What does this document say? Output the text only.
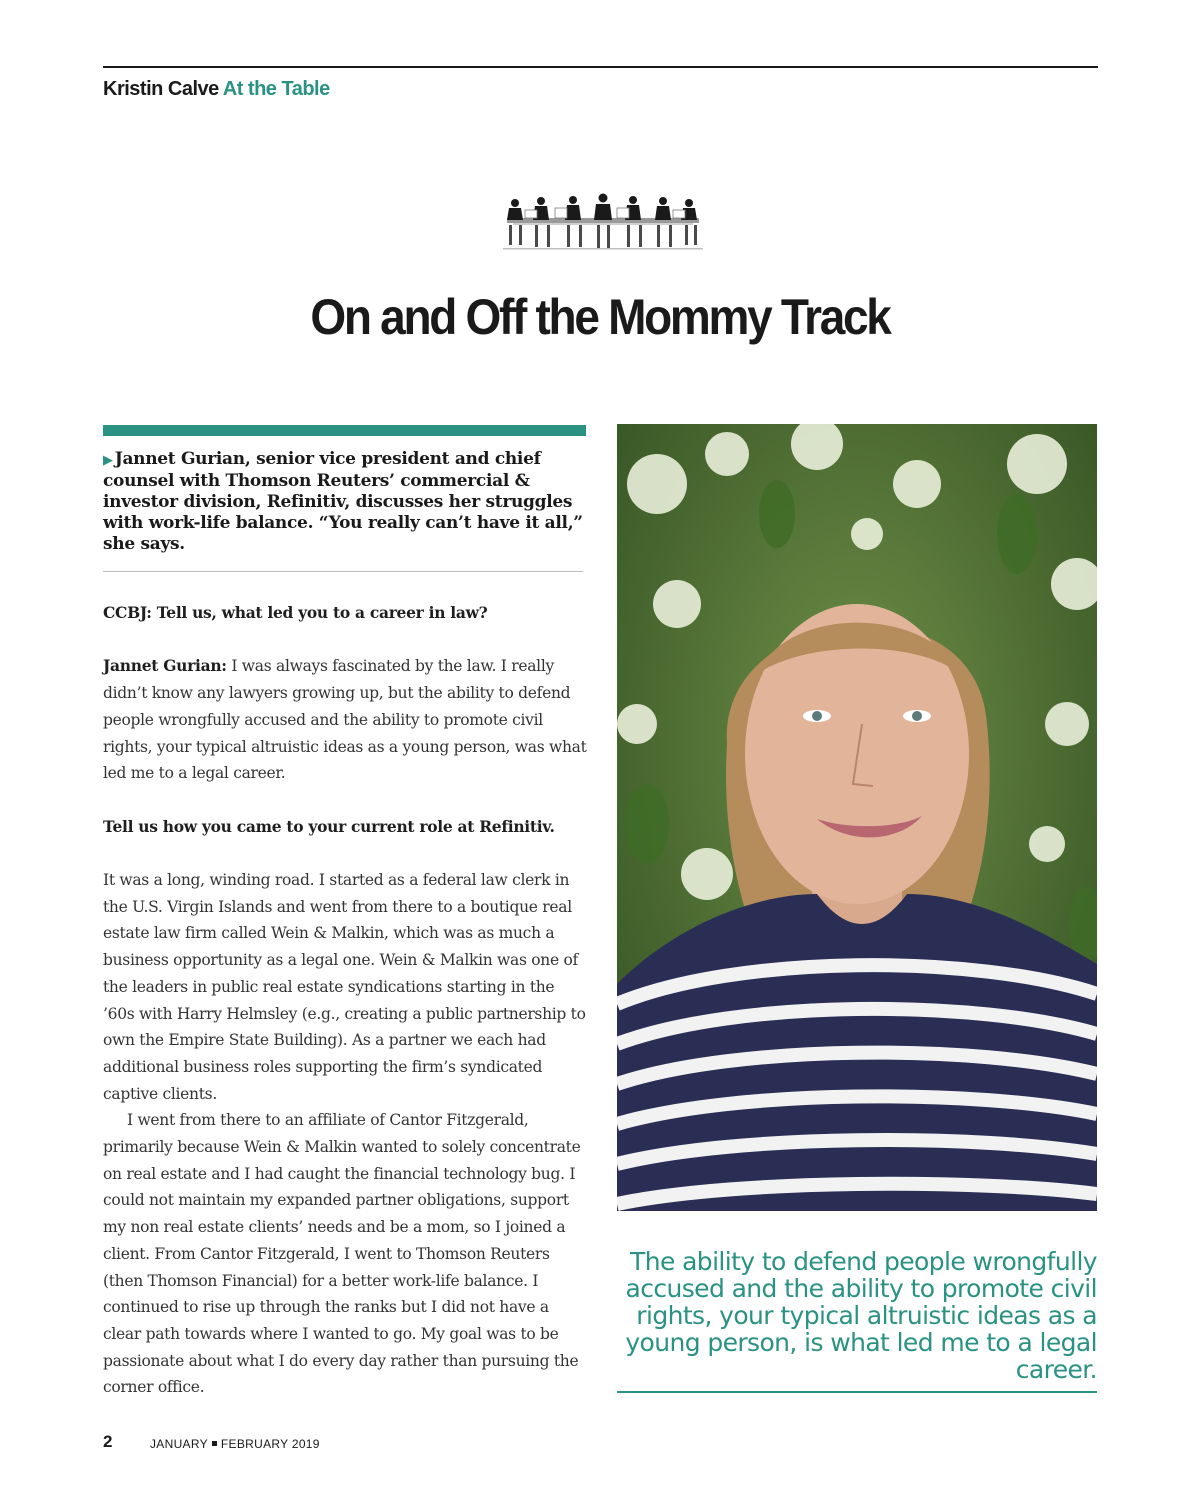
Kristin Calve At the Table
On and Off the Mommy Track
▶ Jannet Gurian, senior vice president and chief counsel with Thomson Reuters’ commercial & investor division, Refinitiv, discusses her struggles with work-life balance. “You really can’t have it all,” she says.

CCBJ: Tell us, what led you to a career in law?

Jannet Gurian: I was always fascinated by the law. I really didn’t know any lawyers growing up, but the ability to defend people wrongfully accused and the ability to promote civil rights, your typical altruistic ideas as a young person, was what led me to a legal career.

Tell us how you came to your current role at Refinitiv.

It was a long, winding road. I started as a federal law clerk in the U.S. Virgin Islands and went from there to a boutique real estate law firm called Wein & Malkin, which was as much a business opportunity as a legal one. Wein & Malkin was one of the leaders in public real estate syndications starting in the ’60s with Harry Helmsley (e.g., creating a public partnership to own the Empire State Building). As a partner we each had additional business roles supporting the firm’s syndicated captive clients.

I went from there to an affiliate of Cantor Fitzgerald, primarily because Wein & Malkin wanted to solely concentrate on real estate and I had caught the financial technology bug. I could not maintain my expanded partner obligations, support my non real estate clients’ needs and be a mom, so I joined a client. From Cantor Fitzgerald, I went to Thomson Reuters (then Thomson Financial) for a better work-life balance. I continued to rise up through the ranks but I did not have a clear path towards where I wanted to go. My goal was to be passionate about what I do every day rather than pursuing the corner office.

The ability to defend people wrongfully accused and the ability to promote civil rights, your typical altruistic ideas as a young person, is what led me to a legal career.
2	JANUARY FEBRUARY 2019
